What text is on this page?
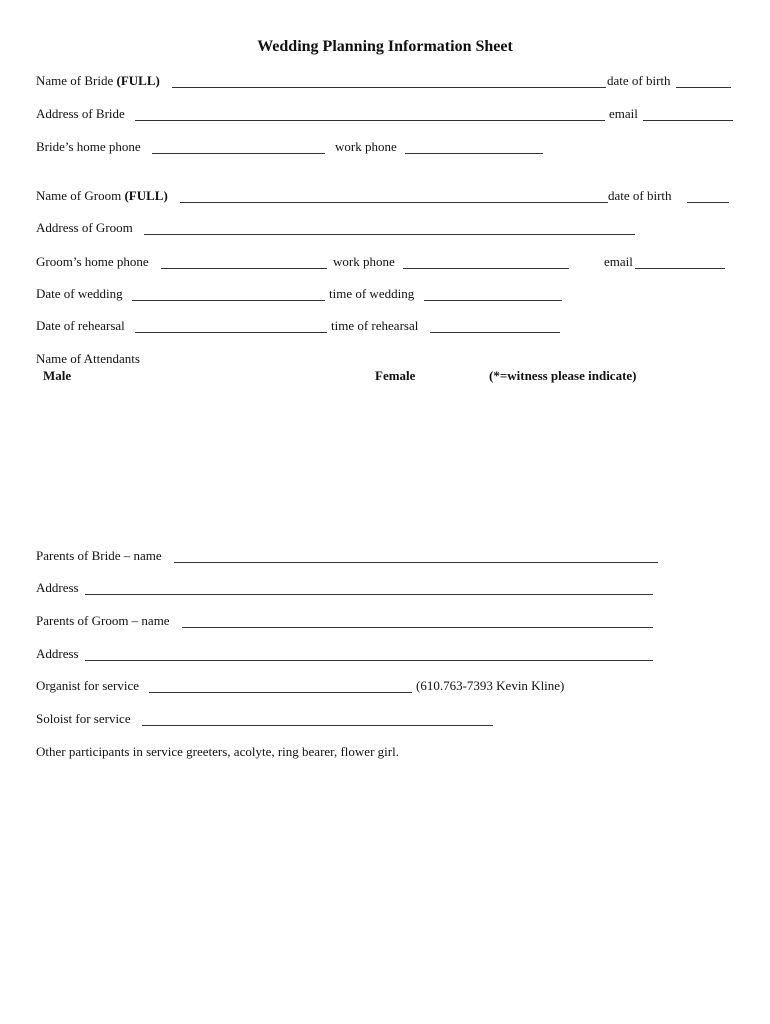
Wedding Planning Information Sheet
Name of Bride (FULL)	date of birth
Address of Bride	email
Bride’s home phone	work phone
Name of Groom (FULL)	date of birth
Address of Groom
Groom’s home phone	work phone	email
Date of wedding	time of wedding
Date of rehearsal	time of rehearsal
Name of Attendants
Male	Female	(*=witness please indicate)
Parents of Bride – name
Address
Parents of Groom – name
Address
Organist for service	(610.763-7393 Kevin Kline)
Soloist for service
Other participants in service greeters, acolyte, ring bearer, flower girl.
